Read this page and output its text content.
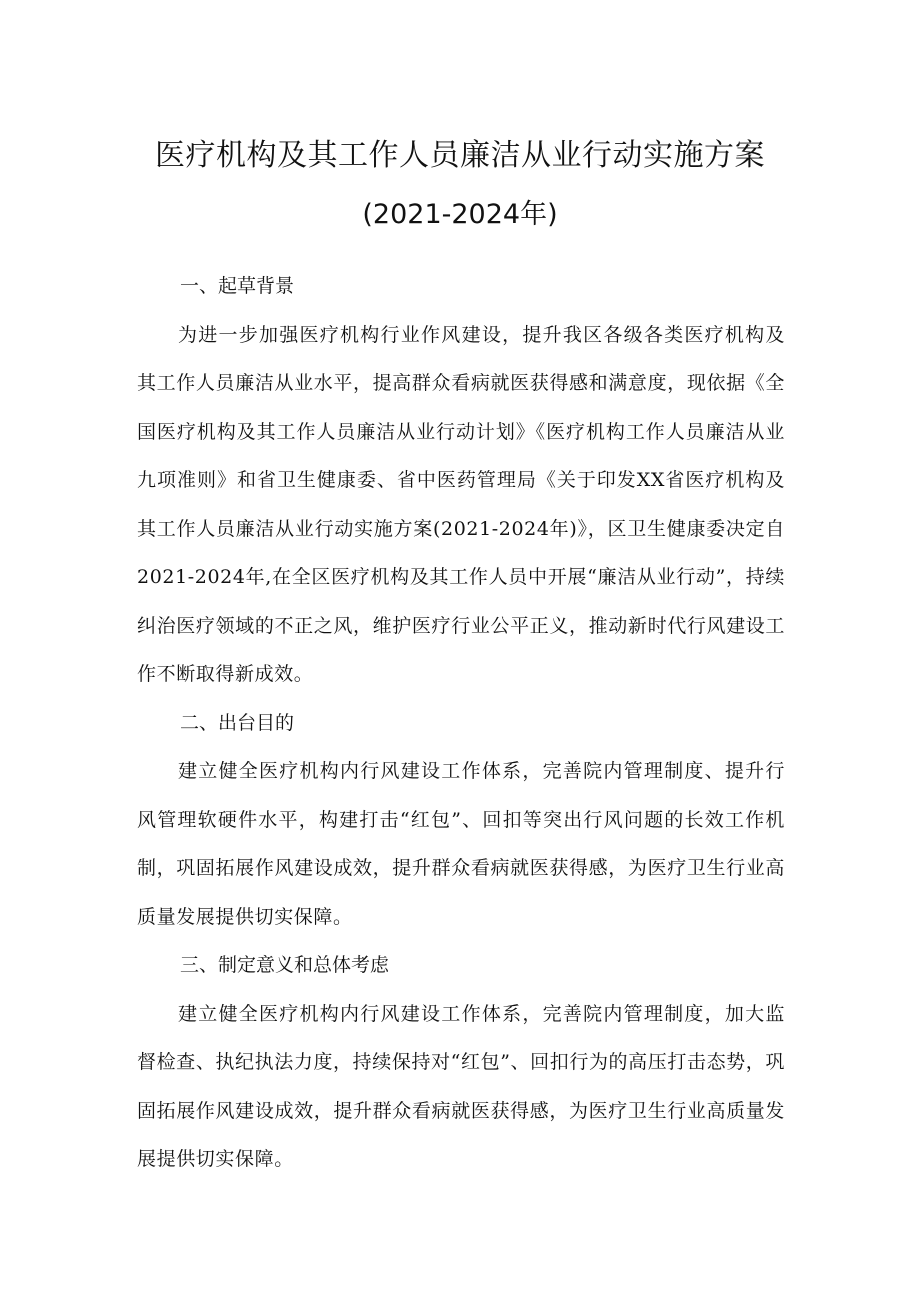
医疗机构及其工作人员廉洁从业行动实施方案
(2021-2024年)

一、起草背景

为进一步加强医疗机构行业作风建设，提升我区各级各类医疗机构及其工作人员廉洁从业水平，提高群众看病就医获得感和满意度，现依据《全国医疗机构及其工作人员廉洁从业行动计划》《医疗机构工作人员廉洁从业九项准则》和省卫生健康委、省中医药管理局《关于印发XX省医疗机构及其工作人员廉洁从业行动实施方案(2021-2024年)》，区卫生健康委决定自2021-2024年,在全区医疗机构及其工作人员中开展“廉洁从业行动”，持续纠治医疗领域的不正之风，维护医疗行业公平正义，推动新时代行风建设工作不断取得新成效。

二、出台目的

建立健全医疗机构内行风建设工作体系，完善院内管理制度、提升行风管理软硬件水平，构建打击“红包”、回扣等突出行风问题的长效工作机制，巩固拓展作风建设成效，提升群众看病就医获得感，为医疗卫生行业高质量发展提供切实保障。

三、制定意义和总体考虑

建立健全医疗机构内行风建设工作体系，完善院内管理制度，加大监督检查、执纪执法力度，持续保持对“红包”、回扣行为的高压打击态势，巩固拓展作风建设成效，提升群众看病就医获得感，为医疗卫生行业高质量发展提供切实保障。
